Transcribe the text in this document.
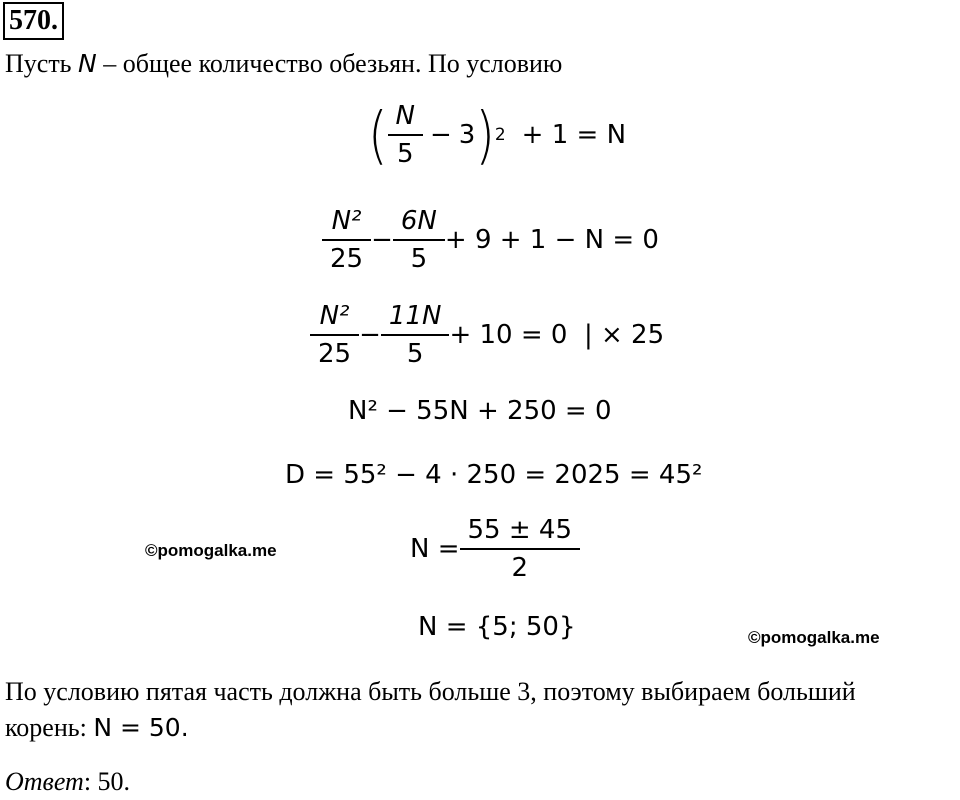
570.
Пусть N – общее количество обезьян. По условию
( $\frac{N}{5} - 3$ ) 2 + 1 = N
$\frac{\text{N²}}{25} - \frac{6N}{5} + 9 + 1 - N = 0$
$\frac{\text{N²}}{25} - \frac{11N}{5} + 10 = 0$  | × 25
N² − 55N + 250 = 0
D = 55² − 4 · 250 = 2025 = 45²
$N = \frac{55 \pm 45}{2}$
N = {5; 50}
©pomogalka.me
©pomogalka.me
По условию пятая часть должна быть больше 3, поэтому выбираем больший
корень: N = 50.
Ответ: 50.
